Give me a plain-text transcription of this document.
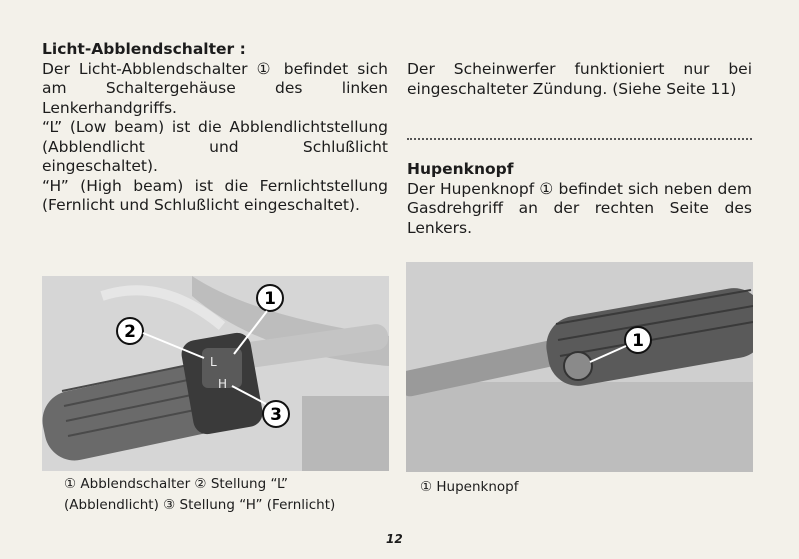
Licht-Abblendschalter :

Der Licht-Abblendschalter ① befindet sich am Schaltergehäuse des linken Lenkerhandgriffs.

“L” (Low beam) ist die Abblendlichtstellung (Abblendlicht und Schlußlicht eingeschaltet).

“H” (High beam) ist die Fernlichtstellung (Fernlicht und Schlußlicht eingeschaltet).

Der Scheinwerfer funktioniert nur bei eingeschalteter Zündung. (Siehe Seite 11)

Hupenknopf

Der Hupenknopf ① befindet sich neben dem Gasdrehgriff an der rechten Seite des Lenkers.

L
H
1
2
3
1
① Abblendschalter ② Stellung “L”
(Abblendlicht) ③ Stellung “H” (Fernlicht)
① Hupenknopf
12
